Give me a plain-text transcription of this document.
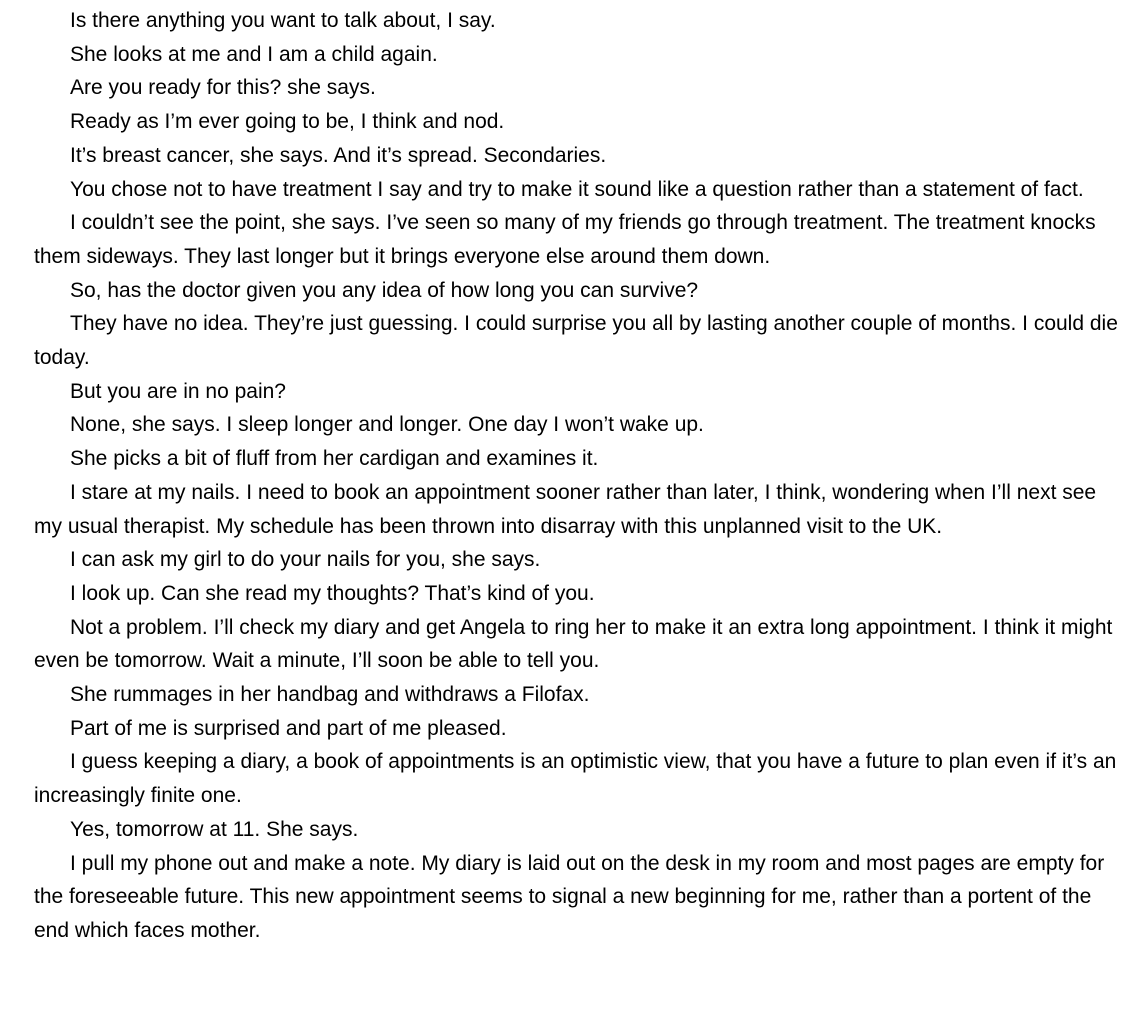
Is there anything you want to talk about, I say.

She looks at me and I am a child again.

Are you ready for this? she says.

Ready as I’m ever going to be, I think and nod.

It’s breast cancer, she says. And it’s spread. Secondaries.

You chose not to have treatment I say and try to make it sound like a question rather than a statement of fact.

I couldn’t see the point, she says. I’ve seen so many of my friends go through treatment. The treatment knocks them sideways. They last longer but it brings everyone else around them down.

So, has the doctor given you any idea of how long you can survive?

They have no idea. They’re just guessing. I could surprise you all by lasting another couple of months. I could die today.

But you are in no pain?

None, she says. I sleep longer and longer. One day I won’t wake up.

She picks a bit of fluff from her cardigan and examines it.

I stare at my nails. I need to book an appointment sooner rather than later, I think, wondering when I’ll next see my usual therapist. My schedule has been thrown into disarray with this unplanned visit to the UK.

I can ask my girl to do your nails for you, she says.

I look up. Can she read my thoughts? That’s kind of you.

Not a problem. I’ll check my diary and get Angela to ring her to make it an extra long appointment. I think it might even be tomorrow. Wait a minute, I’ll soon be able to tell you.

She rummages in her handbag and withdraws a Filofax.

Part of me is surprised and part of me pleased.

I guess keeping a diary, a book of appointments is an optimistic view, that you have a future to plan even if it’s an increasingly finite one.

Yes, tomorrow at 11. She says.

I pull my phone out and make a note. My diary is laid out on the desk in my room and most pages are empty for the foreseeable future. This new appointment seems to signal a new beginning for me, rather than a portent of the end which faces mother.
